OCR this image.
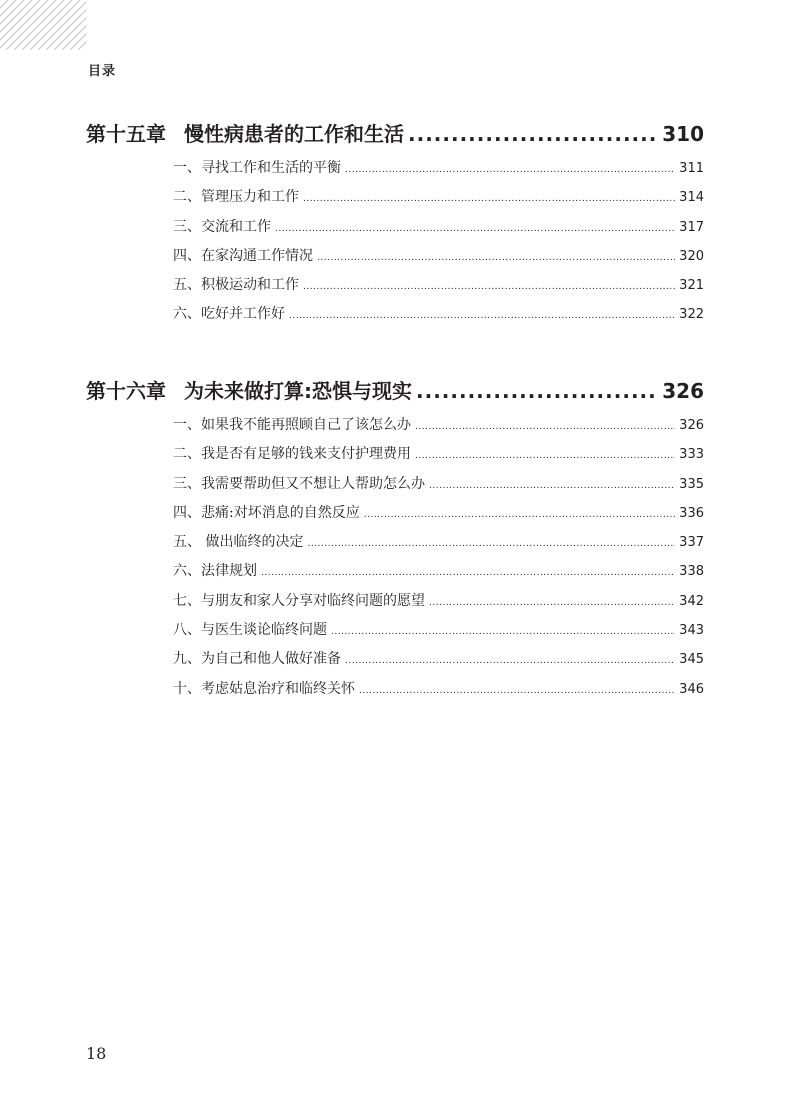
目录
第十五章 慢性病患者的工作和生活 .....	310
一、寻找工作和生活的平衡 .....	311
二、管理压力和工作 .....	314
三、交流和工作 .....	317
四、在家沟通工作情况 .....	320
五、积极运动和工作 .....	321
六、吃好并工作好 .....	322
第十六章 为未来做打算:恐惧与现实 .....	326
一、如果我不能再照顾自己了该怎么办 .....	326
二、我是否有足够的钱来支付护理费用 .....	333
三、我需要帮助但又不想让人帮助怎么办 .....	335
四、悲痛:对坏消息的自然反应 .....	336
五、 做出临终的决定 .....	337
六、法律规划 .....	338
七、与朋友和家人分享对临终问题的愿望 .....	342
八、与医生谈论临终问题 .....	343
九、为自己和他人做好准备 .....	345
十、考虑姑息治疗和临终关怀 .....	346
18
